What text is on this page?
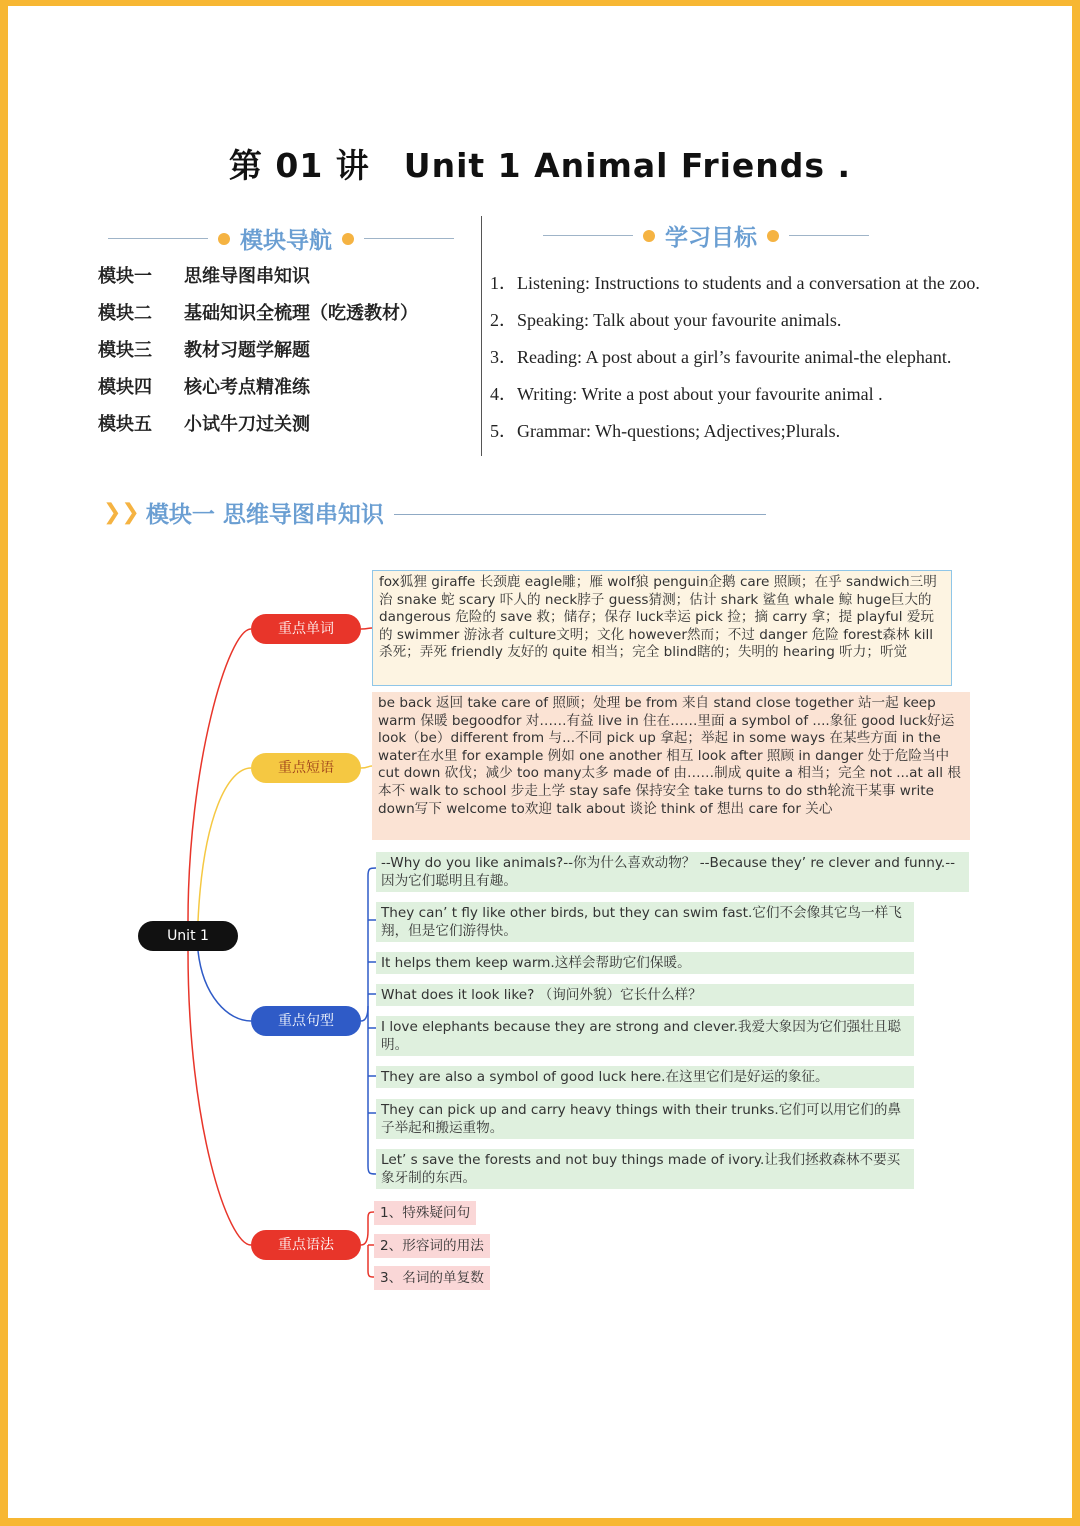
第 01 讲 Unit 1 Animal Friends .
模块导航
模块一	思维导图串知识
模块二	基础知识全梳理（吃透教材）
模块三	教材习题学解题
模块四	核心考点精准练
模块五	小试牛刀过关测
学习目标
1．Listening: Instructions to students and a conversation at the zoo.
2．Speaking: Talk about your favourite animals.
3．Reading: A post about a girl’s favourite animal-the elephant.
4．Writing: Write a post about your favourite animal .
5．Grammar: Wh-questions; Adjectives;Plurals.
❯❯ 模块一 思维导图串知识
Unit 1
重点单词
重点短语
重点句型
重点语法
fox狐狸 giraffe 长颈鹿 eagle雕；雁 wolf狼 penguin企鹅 care 照顾；在乎 sandwich三明治 snake 蛇 scary 吓人的 neck脖子 guess猜测；估计 shark 鲨鱼 whale 鲸 huge巨大的 dangerous 危险的 save 救；储存；保存 luck幸运 pick 捡；摘 carry 拿；提 playful 爱玩的 swimmer 游泳者 culture文明；文化 however然而；不过 danger 危险 forest森林 kill 杀死；弄死 friendly 友好的 quite 相当；完全 blind瞎的；失明的 hearing 听力；听觉
be back 返回 take care of 照顾；处理 be from 来自 stand close together 站一起 keep warm 保暖 begoodfor 对……有益 live in 住在……里面 a symbol of ....象征 good luck好运 look（be）different from 与...不同 pick up 拿起；举起 in some ways 在某些方面 in the water在水里 for example 例如 one another 相互 look after 照顾 in danger 处于危险当中 cut down 砍伐；减少 too many太多 made of 由……制成 quite a 相当；完全 not ...at all 根本不 walk to school 步走上学 stay safe 保持安全 take turns to do sth轮流干某事 write down写下 welcome to欢迎 talk about 谈论 think of 想出 care for 关心
--Why do you like animals?--你为什么喜欢动物？ --Because they’ re clever and funny.--因为它们聪明且有趣。
They can’ t fly like other birds, but they can swim fast.它们不会像其它鸟一样飞翔，但是它们游得快。
It helps them keep warm.这样会帮助它们保暖。
What does it look like? （询问外貌）它长什么样？
I love elephants because they are strong and clever.我爱大象因为它们强壮且聪明。
They are also a symbol of good luck here.在这里它们是好运的象征。
They can pick up and carry heavy things with their trunks.它们可以用它们的鼻子举起和搬运重物。
Let’ s save the forests and not buy things made of ivory.让我们拯救森林不要买象牙制的东西。
1、特殊疑问句
2、形容词的用法
3、名词的单复数
